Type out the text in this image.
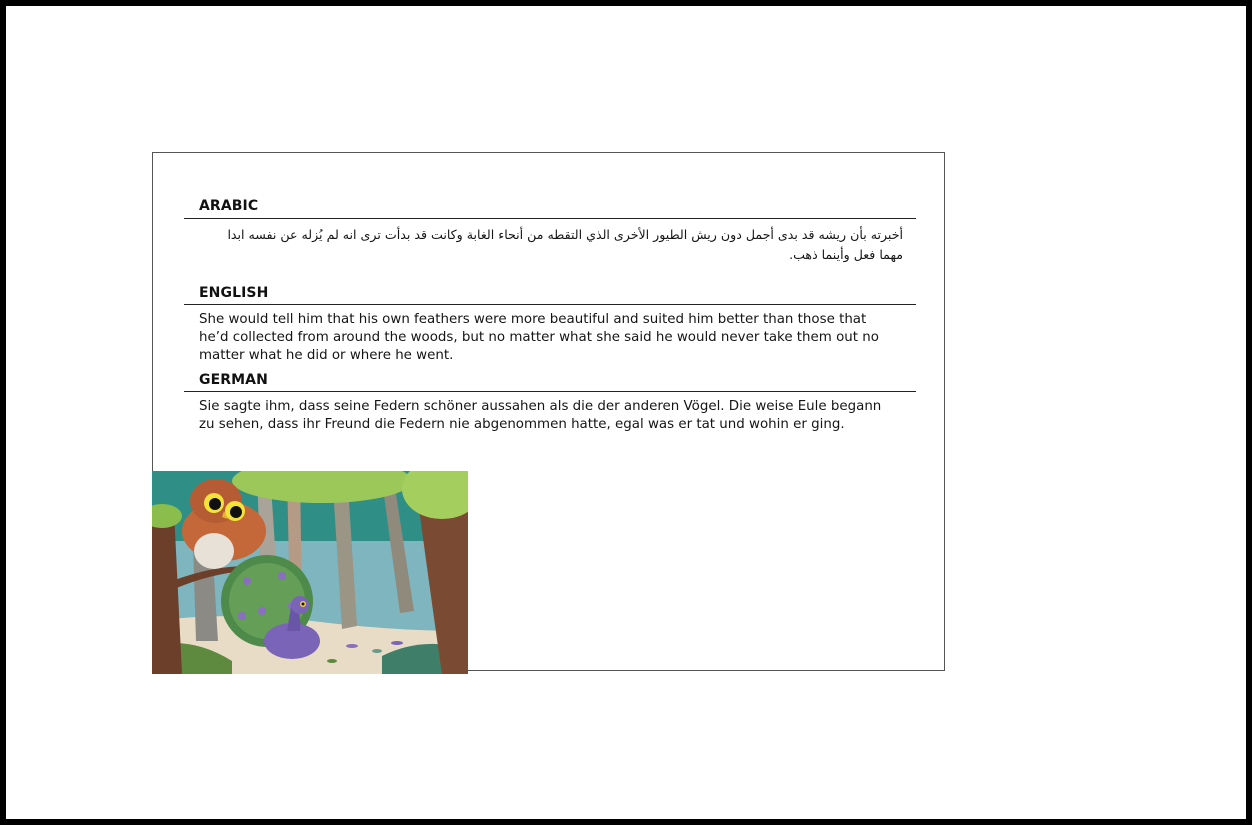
ARABIC
أخبرته بأن ريشه قد بدى أجمل دون ريش الطيور الأخرى الذي التقطه من أنحاء الغابة وكانت قد بدأت ترى انه لم يُزله عن نفسه ابدا مهما فعل وأينما ذهب.
ENGLISH
She would tell him that his own feathers were more beautiful and suited him better than those that he’d collected from around the woods, but no matter what she said he would never take them out no matter what he did or where he went.
GERMAN
Sie sagte ihm, dass seine Federn schöner aussahen als die der anderen Vögel. Die weise Eule begann zu sehen, dass ihr Freund die Federn nie abgenommen hatte, egal was er tat und wohin er ging.
